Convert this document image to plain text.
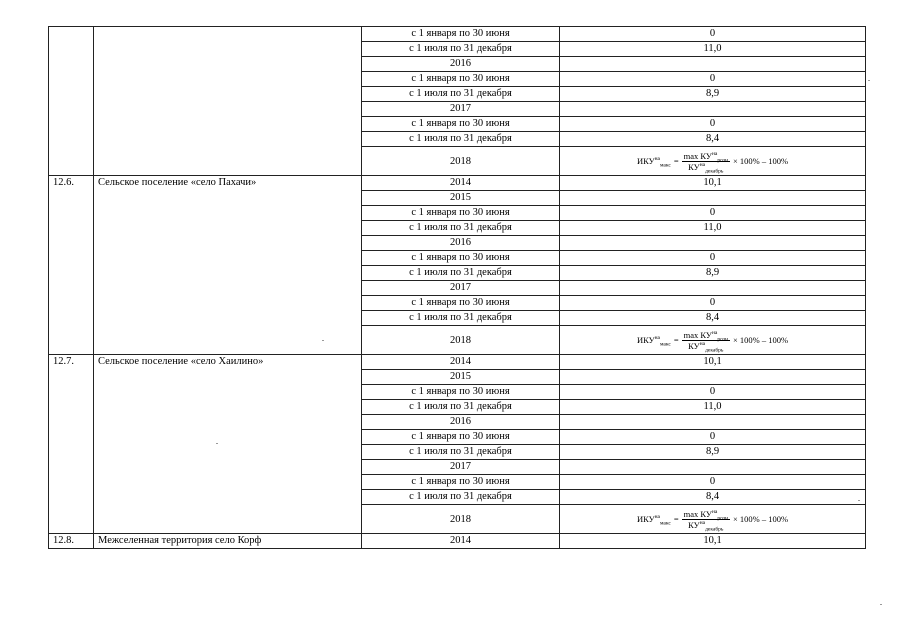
		с 1 января по 30 июня	0
		с 1 июля по 31 декабря	11,0
		2016	
		с 1 января по 30 июня	0
		с 1 июля по 31 декабря	8,9
		2017	
		с 1 января по 30 июня	0
		с 1 июля по 31 декабря	8,4
		2018	$ИКУ^{на}_{макс} = \frac{\max КУ^{на}_{розн}}{КУ^{на}_{декабрь}} \times 100\% - 100\%$

12.6.	Сельское поселение «село Пахачи»	2014	10,1
		2015	
		с 1 января по 30 июня	0
		с 1 июля по 31 декабря	11,0
		2016	
		с 1 января по 30 июня	0
		с 1 июля по 31 декабря	8,9
		2017	
		с 1 января по 30 июня	0
		с 1 июля по 31 декабря	8,4
		2018	$ИКУ^{на}_{макс} = \frac{\max КУ^{на}_{розн}}{КУ^{на}_{декабрь}} \times 100\% - 100\%$

12.7.	Сельское поселение «село Хаилино»	2014	10,1
		2015	
		с 1 января по 30 июня	0
		с 1 июля по 31 декабря	11,0
		2016	
		с 1 января по 30 июня	0
		с 1 июля по 31 декабря	8,9
		2017	
		с 1 января по 30 июня	0
		с 1 июля по 31 декабря	8,4
		2018	$ИКУ^{на}_{макс} = \frac{\max КУ^{на}_{розн}}{КУ^{на}_{декабрь}} \times 100\% - 100\%$

12.8.	Межселенная территория село Корф	2014	10,1
